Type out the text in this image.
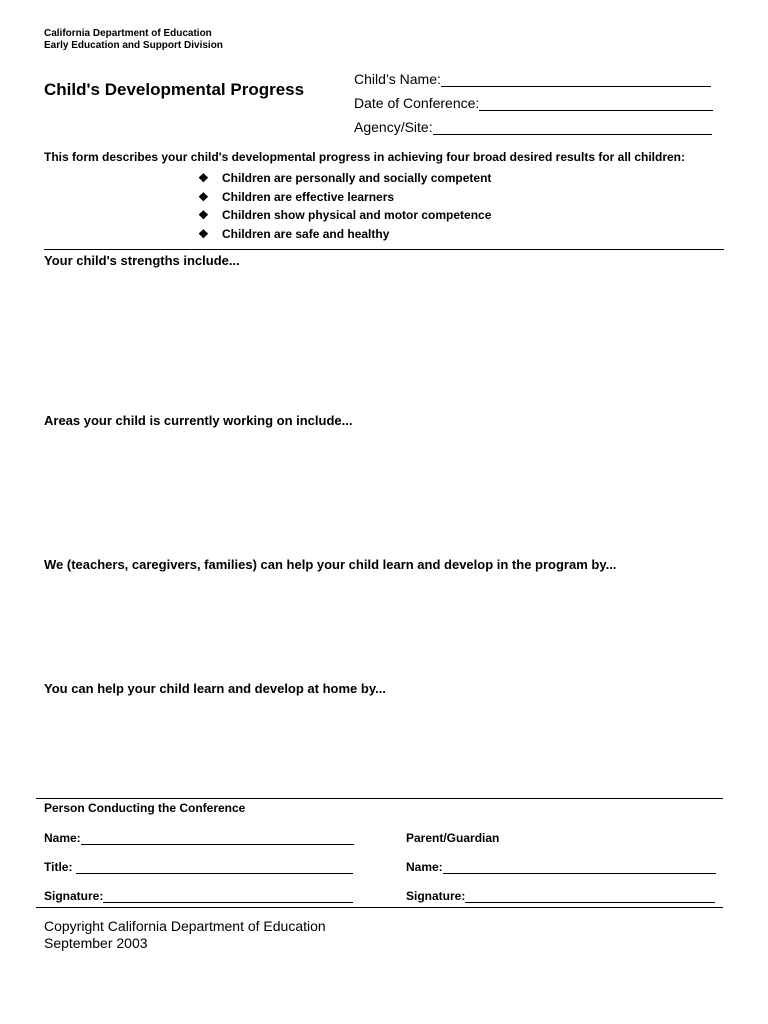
California Department of Education
Early Education and Support Division
Child's Developmental Progress
Child’s Name:
Date of Conference:
Agency/Site:
This form describes your child's developmental progress in achieving four broad desired results for all children:
❖	Children are personally and socially competent
❖	Children are effective learners
❖	Children show physical and motor competence
❖	Children are safe and healthy
Your child's strengths include...
Areas your child is currently working on include...
We (teachers, caregivers, families) can help your child learn and develop in the program by...
You can help your child learn and develop at home by...
Person Conducting the Conference
Name:
Title:
Signature:
Parent/Guardian
Name:
Signature:
Copyright California Department of Education
September 2003
